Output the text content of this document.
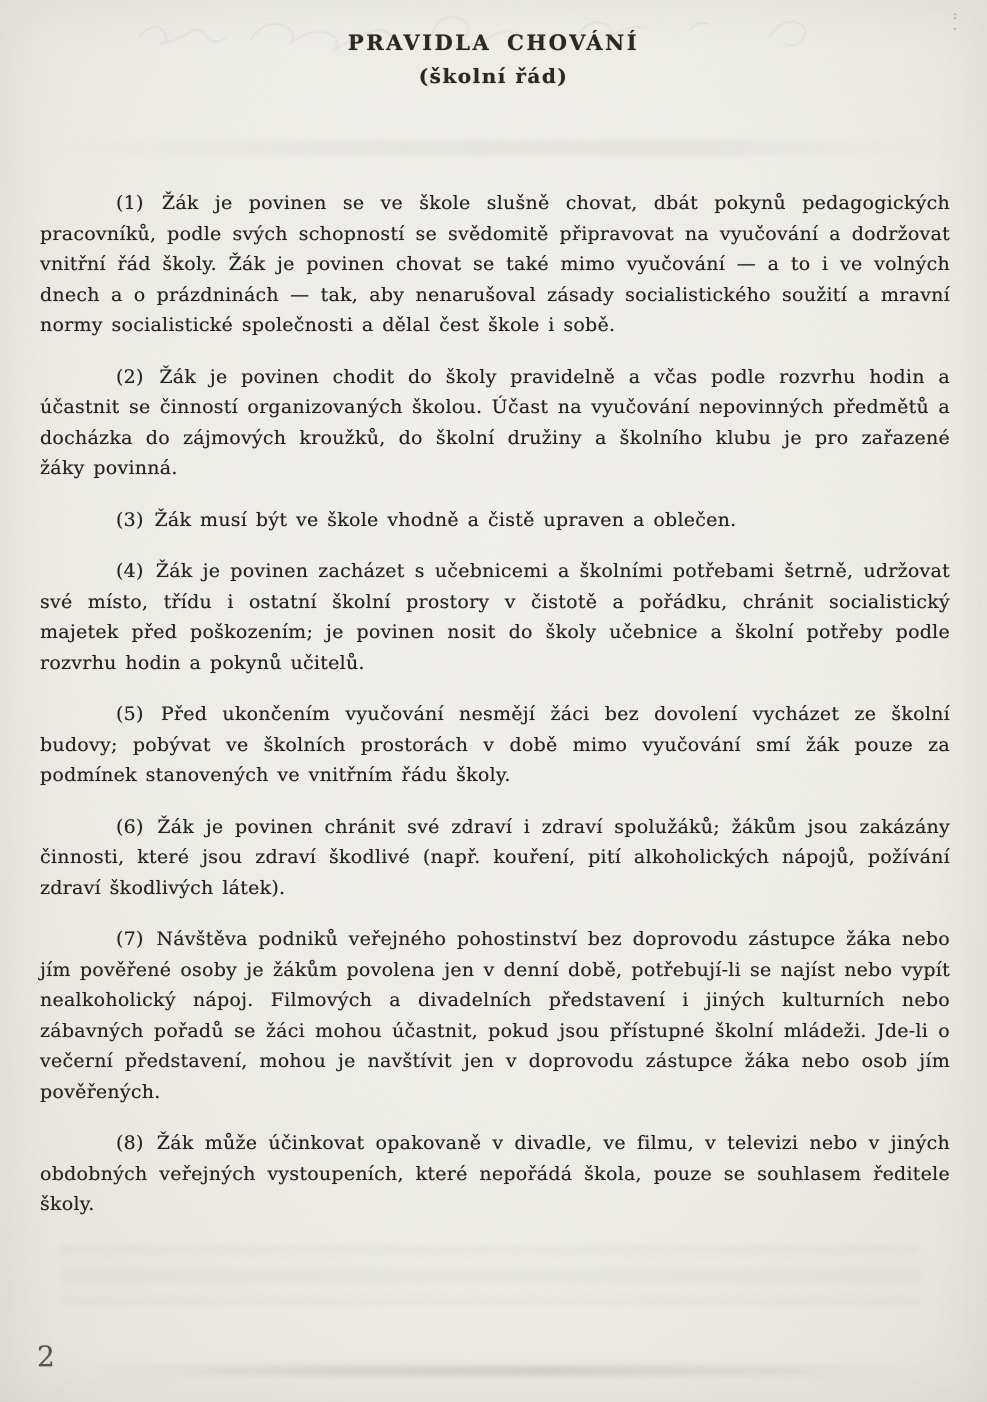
: ·
PRAVIDLA CHOVÁNÍ
(školní řád)

(1) Žák je povinen se ve škole slušně chovat, dbát pokynů pedagogických pracovníků, podle svých schopností se svědomitě připravovat na vyučování a dodržovat vnitřní řád školy. Žák je povinen chovat se také mimo vyučování — a to i ve volných dnech a o prázdninách — tak, aby nenarušoval zásady socialistického soužití a mravní normy socialistické společnosti a dělal čest škole i sobě.

(2) Žák je povinen chodit do školy pravidelně a včas podle rozvrhu hodin a účastnit se činností organizovaných školou. Účast na vyučování nepovinných předmětů a docházka do zájmových kroužků, do školní družiny a školního klubu je pro zařazené žáky povinná.

(3) Žák musí být ve škole vhodně a čistě upraven a oblečen.

(4) Žák je povinen zacházet s učebnicemi a školními potřebami šetrně, udržovat své místo, třídu i ostatní školní prostory v čistotě a pořádku, chránit socialistický majetek před poškozením; je povinen nosit do školy učebnice a školní potřeby podle rozvrhu hodin a pokynů učitelů.

(5) Před ukončením vyučování nesmějí žáci bez dovolení vycházet ze školní budovy; pobývat ve školních prostorách v době mimo vyučování smí žák pouze za podmínek stanovených ve vnitřním řádu školy.

(6) Žák je povinen chránit své zdraví i zdraví spolužáků; žákům jsou zakázány činnosti, které jsou zdraví škodlivé (např. kouření, pití alkoholických nápojů, požívání zdraví škodlivých látek).

(7) Návštěva podniků veřejného pohostinství bez doprovodu zástupce žáka nebo jím pověřené osoby je žákům povolena jen v denní době, potřebují-li se najíst nebo vypít nealkoholický nápoj. Filmových a divadelních představení i jiných kulturních nebo zábavných pořadů se žáci mohou účastnit, pokud jsou přístupné školní mládeži. Jde-li o večerní představení, mohou je navštívit jen v doprovodu zástupce žáka nebo osob jím pověřených.

(8) Žák může účinkovat opakovaně v divadle, ve filmu, v televizi nebo v jiných obdobných veřejných vystoupeních, které nepořádá škola, pouze se souhlasem ředitele školy.

2
